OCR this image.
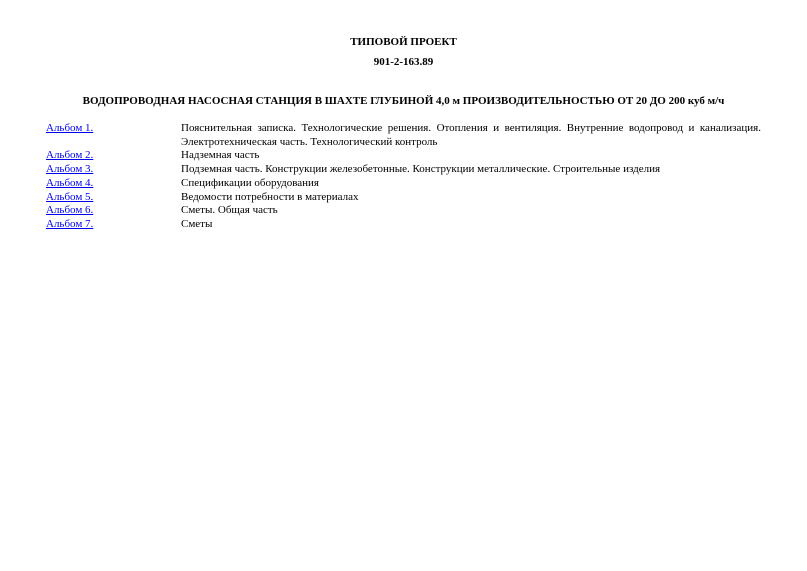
ТИПОВОЙ ПРОЕКТ

901-2-163.89

ВОДОПРОВОДНАЯ НАСОСНАЯ СТАНЦИЯ В ШАХТЕ ГЛУБИНОЙ 4,0 м ПРОИЗВОДИТЕЛЬНОСТЬЮ ОТ 20 ДО 200 куб м/ч

Альбом 1.	Пояснительная записка. Технологические решения. Отопления и вентиляция. Внутренние водопровод и канализация. Электротехническая часть. Технологический контроль
Альбом 2.	Надземная часть
Альбом 3.	Подземная часть. Конструкции железобетонные. Конструкции металлические. Строительные изделия
Альбом 4.	Спецификации оборудования
Альбом 5.	Ведомости потребности в материалах
Альбом 6.	Сметы. Общая часть
Альбом 7.	Сметы
